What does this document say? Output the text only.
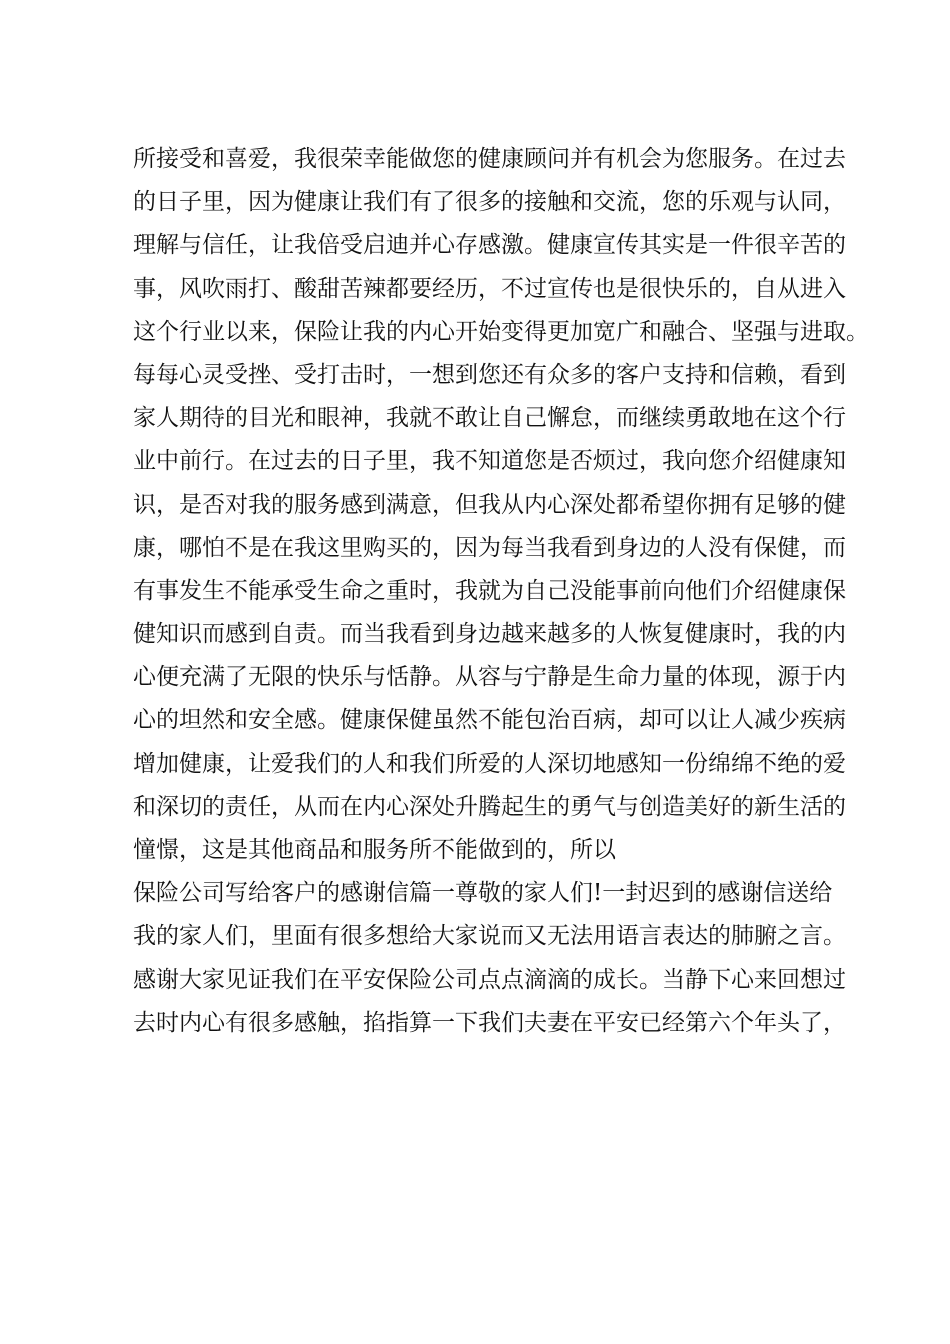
所接受和喜爱，我很荣幸能做您的健康顾问并有机会为您服务。在过去
的日子里，因为健康让我们有了很多的接触和交流，您的乐观与认同，
理解与信任，让我倍受启迪并心存感激。健康宣传其实是一件很辛苦的
事，风吹雨打、酸甜苦辣都要经历，不过宣传也是很快乐的，自从进入
这个行业以来，保险让我的内心开始变得更加宽广和融合、坚强与进取。
每每心灵受挫、受打击时，一想到您还有众多的客户支持和信赖，看到
家人期待的目光和眼神，我就不敢让自己懈怠，而继续勇敢地在这个行
业中前行。在过去的日子里，我不知道您是否烦过，我向您介绍健康知
识，是否对我的服务感到满意，但我从内心深处都希望你拥有足够的健
康，哪怕不是在我这里购买的，因为每当我看到身边的人没有保健，而
有事发生不能承受生命之重时，我就为自己没能事前向他们介绍健康保
健知识而感到自责。而当我看到身边越来越多的人恢复健康时，我的内
心便充满了无限的快乐与恬静。从容与宁静是生命力量的体现，源于内
心的坦然和安全感。健康保健虽然不能包治百病，却可以让人减少疾病
增加健康，让爱我们的人和我们所爱的人深切地感知一份绵绵不绝的爱
和深切的责任，从而在内心深处升腾起生的勇气与创造美好的新生活的
憧憬，这是其他商品和服务所不能做到的，所以
保险公司写给客户的感谢信篇一尊敬的家人们!一封迟到的感谢信送给
我的家人们，里面有很多想给大家说而又无法用语言表达的肺腑之言。
感谢大家见证我们在平安保险公司点点滴滴的成长。当静下心来回想过
去时内心有很多感触，掐指算一下我们夫妻在平安已经第六个年头了，
